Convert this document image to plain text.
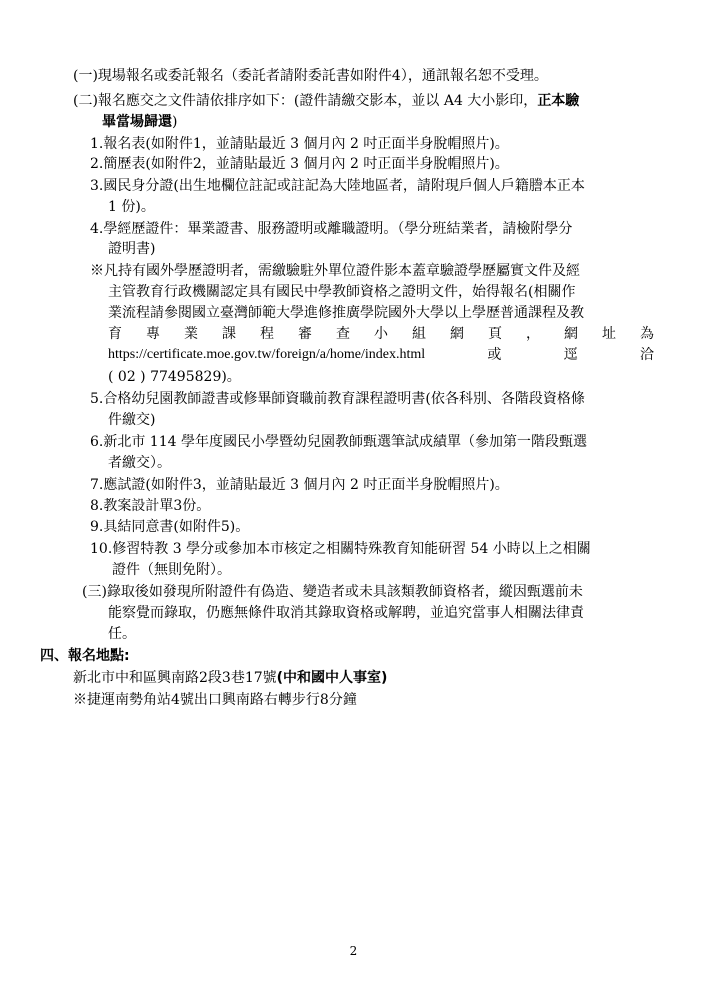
(一)現場報名或委託報名（委託者請附委託書如附件4），通訊報名恕不受理。
(二)報名應交之文件請依排序如下：(證件請繳交影本，並以 A4 大小影印，正本驗
畢當場歸還)
1.報名表(如附件1，並請貼最近 3 個月內 2 吋正面半身脫帽照片)。
2.簡歷表(如附件2，並請貼最近 3 個月內 2 吋正面半身脫帽照片)。
3.國民身分證(出生地欄位註記或註記為大陸地區者，請附現戶個人戶籍謄本正本
1 份)。
4.學經歷證件：畢業證書、服務證明或離職證明。（學分班結業者，請檢附學分
證明書)
※凡持有國外學歷證明者，需繳驗駐外單位證件影本蓋章驗證學歷屬實文件及經
主管教育行政機關認定具有國民中學教師資格之證明文件，始得報名(相關作
業流程請參閱國立臺灣師範大學進修推廣學院國外大學以上學歷普通課程及教
育 專 業 課 程 審 查 小 組 網 頁 ， 網 址 為
https://certificate.moe.gov.tw/foreign/a/home/index.html	或	逕	洽
( 02 ) 77495829)。
5.合格幼兒園教師證書或修畢師資職前教育課程證明書(依各科別、各階段資格條
件繳交)
6.新北市 114 學年度國民小學暨幼兒園教師甄選筆試成績單（參加第一階段甄選
者繳交）。
7.應試證(如附件3，並請貼最近 3 個月內 2 吋正面半身脫帽照片)。
8.教案設計單3份。
9.具結同意書(如附件5)。
10.修習特教 3 學分或參加本市核定之相關特殊教育知能研習 54 小時以上之相關
證件（無則免附）。
(三)錄取後如發現所附證件有偽造、變造者或未具該類教師資格者，縱因甄選前未
能察覺而錄取，仍應無條件取消其錄取資格或解聘，並追究當事人相關法律責
任。
四、報名地點:
新北市中和區興南路2段3巷17號(中和國中人事室)
※捷運南勢角站4號出口興南路右轉步行8分鐘
2
